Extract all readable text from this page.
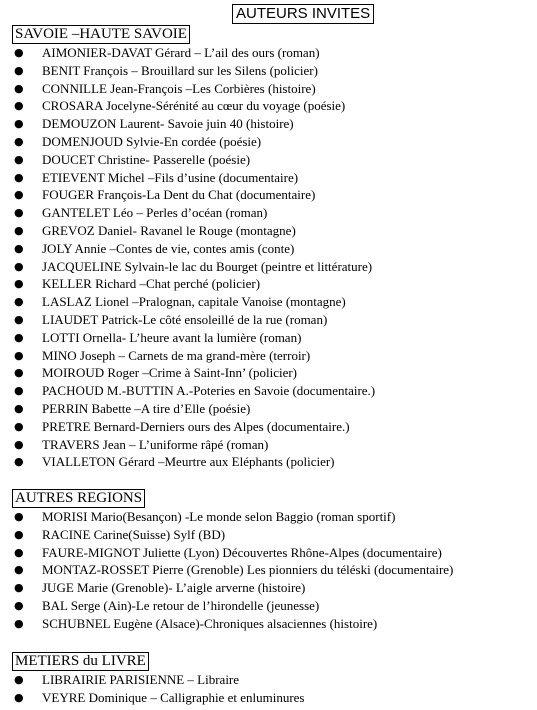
AUTEURS INVITES
SAVOIE –HAUTE SAVOIE
● AIMONIER-DAVAT Gérard – L’ail des ours (roman)
● BENIT François – Brouillard sur les Silens (policier)
● CONNILLE Jean-François –Les Corbières (histoire)
● CROSARA Jocelyne-Sérénité au cœur du voyage (poésie)
● DEMOUZON Laurent- Savoie juin 40 (histoire)
● DOMENJOUD Sylvie-En cordée (poésie)
● DOUCET Christine- Passerelle (poésie)
● ETIEVENT Michel –Fils d’usine (documentaire)
● FOUGER François-La Dent du Chat (documentaire)
● GANTELET Léo – Perles d’océan (roman)
● GREVOZ Daniel- Ravanel le Rouge (montagne)
● JOLY Annie –Contes de vie, contes amis (conte)
● JACQUELINE Sylvain-le lac du Bourget (peintre et littérature)
● KELLER Richard –Chat perché (policier)
● LASLAZ Lionel –Pralognan, capitale Vanoise (montagne)
● LIAUDET Patrick-Le côté ensoleillé de la rue (roman)
● LOTTI Ornella- L’heure avant la lumière (roman)
● MINO Joseph – Carnets de ma grand-mère (terroir)
● MOIROUD Roger –Crime à Saint-Inn’ (policier)
● PACHOUD M.-BUTTIN A.-Poteries en Savoie (documentaire.)
● PERRIN Babette –A tire d’Elle (poésie)
● PRETRE Bernard-Derniers ours des Alpes (documentaire.)
● TRAVERS Jean – L’uniforme râpé (roman)
● VIALLETON Gérard –Meurtre aux Eléphants (policier)
AUTRES REGIONS
● MORISI Mario(Besançon) -Le monde selon Baggio (roman sportif)
● RACINE Carine(Suisse) Sylf (BD)
● FAURE-MIGNOT Juliette (Lyon) Découvertes Rhône-Alpes (documentaire)
● MONTAZ-ROSSET Pierre (Grenoble) Les pionniers du téléski (documentaire)
● JUGE Marie (Grenoble)- L’aigle arverne (histoire)
● BAL Serge (Ain)-Le retour de l’hirondelle (jeunesse)
● SCHUBNEL Eugène (Alsace)-Chroniques alsaciennes (histoire)
METIERS du LIVRE
● LIBRAIRIE PARISIENNE – Libraire
● VEYRE Dominique – Calligraphie et enluminures
